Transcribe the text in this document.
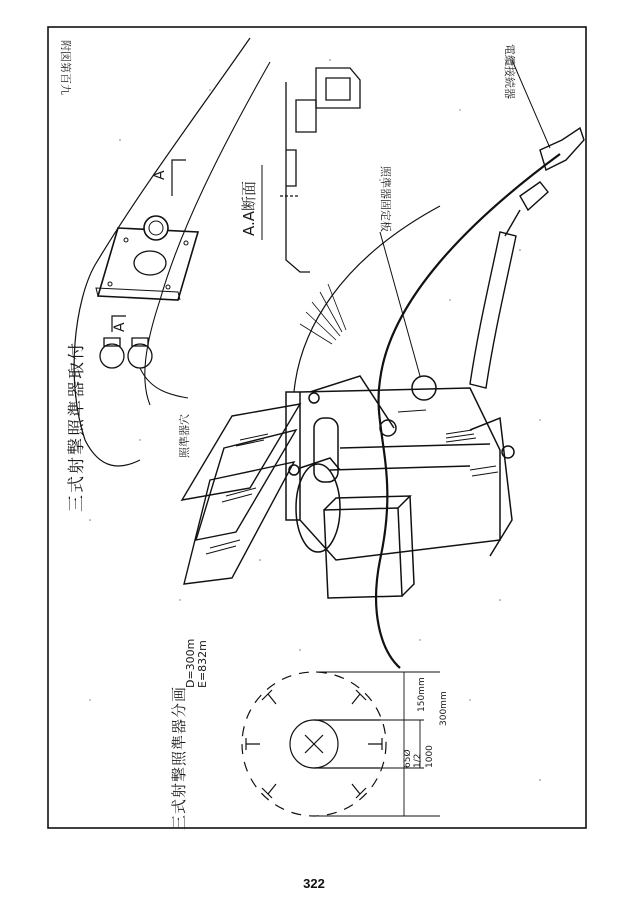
附図第百九
三式射撃照準器取付
A
A
照準器穴
A.A断面	照準器固定板
電纜接続器
三式射撃照準器分画
D=300m E=832m
150mm 300mm
65Ø 1/2 1000
322
